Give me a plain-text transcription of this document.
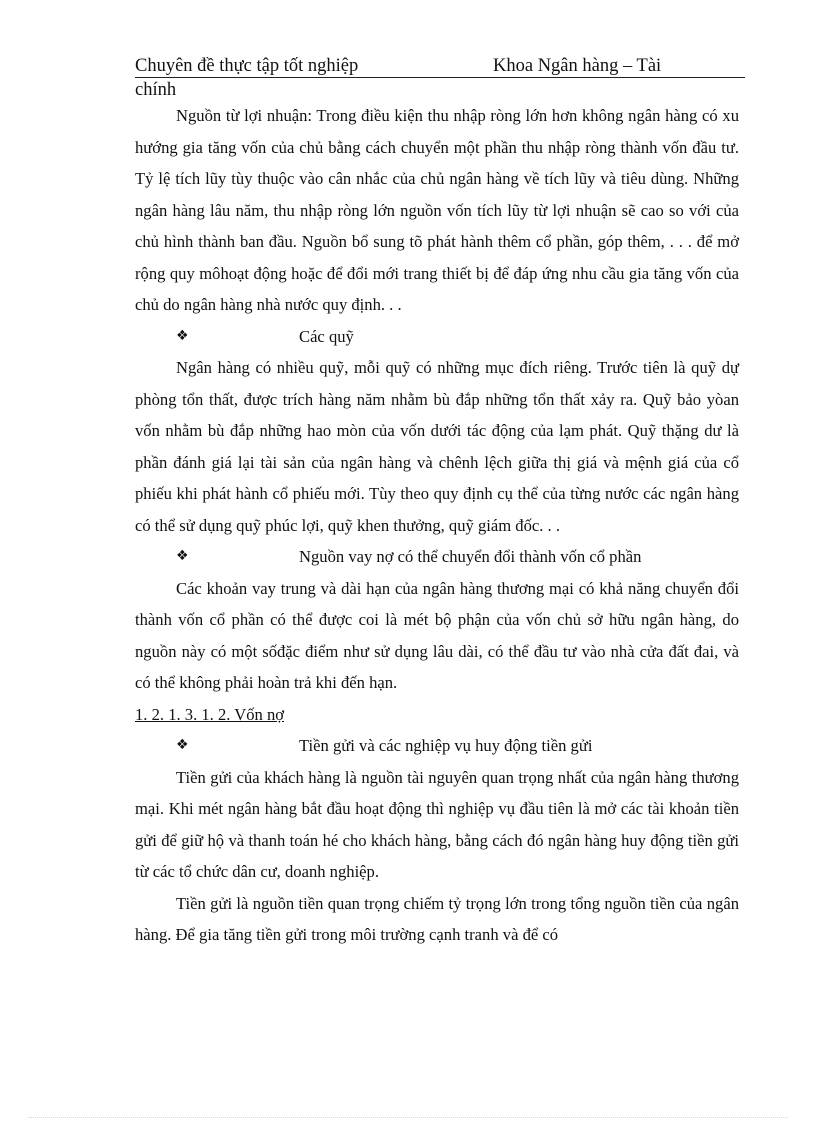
Chuyên đề thực tập tốt nghiệp	Khoa Ngân hàng – Tài
chính

Nguồn từ lợi nhuận: Trong điều kiện thu nhập ròng lớn hơn không ngân hàng có xu hướng gia tăng vốn của chủ bằng cách chuyển một phần thu nhập ròng thành vốn đầu tư. Tỷ lệ tích lũy tùy thuộc vào cân nhắc của chủ ngân hàng về tích lũy và tiêu dùng. Những ngân hàng lâu năm, thu nhập ròng lớn nguồn vốn tích lũy từ lợi nhuận sẽ cao so với của chủ hình thành ban đầu. Nguồn bổ sung tõ phát hành thêm cổ phần, góp thêm, . . . để mở rộng quy môhoạt động hoặc để đổi mới trang thiết bị để đáp ứng nhu cầu gia tăng vốn của chủ do ngân hàng nhà nước quy định. . .

❖	Các quỹ

Ngân hàng có nhiều quỹ, mỗi quỹ có những mục đích riêng. Trước tiên là quỹ dự phòng tổn thất, được trích hàng năm nhằm bù đắp những tổn thất xảy ra. Quỹ bảo yòan vốn nhằm bù đắp những hao mòn của vốn dưới tác động của lạm phát. Quỹ thặng dư là phần đánh giá lại tài sản của ngân hàng và chênh lệch giữa thị giá và mệnh giá của cổ phiếu khi phát hành cổ phiếu mới. Tùy theo quy định cụ thể của từng nước các ngân hàng có thể sử dụng quỹ phúc lợi, quỹ khen thưởng, quỹ giám đốc. . .

❖	Nguồn vay nợ có thể chuyển đổi thành vốn cổ phần

Các khoản vay trung và dài hạn của ngân hàng thương mại có khả năng chuyển đổi thành vốn cổ phần có thể được coi là mét bộ phận của vốn chủ sở hữu ngân hàng, do nguồn này có một sốđặc điểm như sử dụng lâu dài, có thể đầu tư vào nhà cửa đất đai, và có thể không phải hoàn trả khi đến hạn.

1. 2. 1. 3. 1. 2. Vốn nợ

❖	Tiền gửi và các nghiệp vụ huy động tiền gửi

Tiền gửi của khách hàng là nguồn tài nguyên quan trọng nhất của ngân hàng thương mại. Khi mét ngân hàng bắt đầu hoạt động thì nghiệp vụ đầu tiên là mở các tài khoản tiền gửi để giữ hộ và thanh toán hé cho khách hàng, bằng cách đó ngân hàng huy động tiền gửi từ các tổ chức dân cư, doanh nghiệp.

Tiền gửi là nguồn tiền quan trọng chiếm tỷ trọng lớn trong tổng nguồn tiền của ngân hàng. Để gia tăng tiền gửi trong môi trường cạnh tranh và để có
